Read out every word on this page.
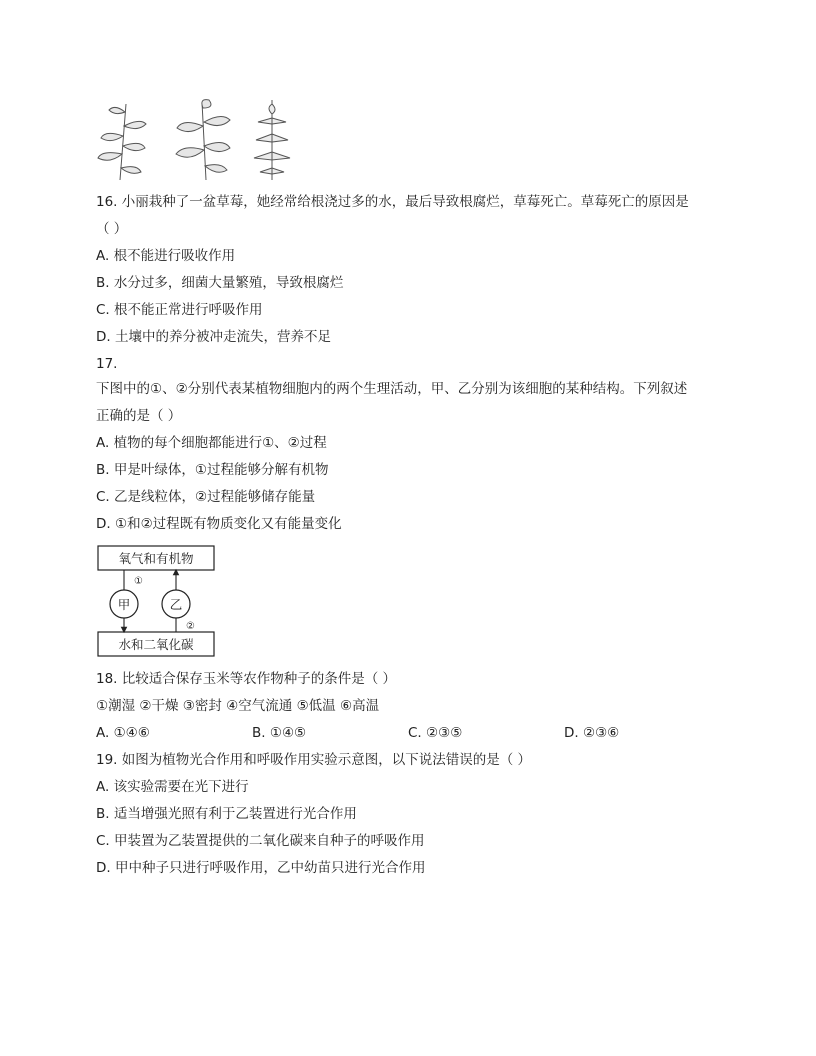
16. 小丽栽种了一盆草莓，她经常给根浇过多的水，最后导致根腐烂，草莓死亡。草莓死亡的原因是
（ ）
A. 根不能进行吸收作用
B. 水分过多，细菌大量繁殖，导致根腐烂
C. 根不能正常进行呼吸作用
D. 土壤中的养分被冲走流失，营养不足
17.
下图中的①、②分别代表某植物细胞内的两个生理活动，甲、乙分别为该细胞的某种结构。下列叙述
正确的是（ ）
A. 植物的每个细胞都能进行①、②过程
B. 甲是叶绿体，①过程能够分解有机物
C. 乙是线粒体，②过程能够储存能量
D. ①和②过程既有物质变化又有能量变化
氧气和有机物
水和二氧化碳
甲
①
乙
②
18. 比较适合保存玉米等农作物种子的条件是（ ）
①潮湿 ②干燥 ③密封 ④空气流通 ⑤低温 ⑥高温
A. ①④⑥	B. ①④⑤	C. ②③⑤	D. ②③⑥
19. 如图为植物光合作用和呼吸作用实验示意图，以下说法错误的是（ ）
A. 该实验需要在光下进行
B. 适当增强光照有利于乙装置进行光合作用
C. 甲装置为乙装置提供的二氧化碳来自种子的呼吸作用
D. 甲中种子只进行呼吸作用，乙中幼苗只进行光合作用
